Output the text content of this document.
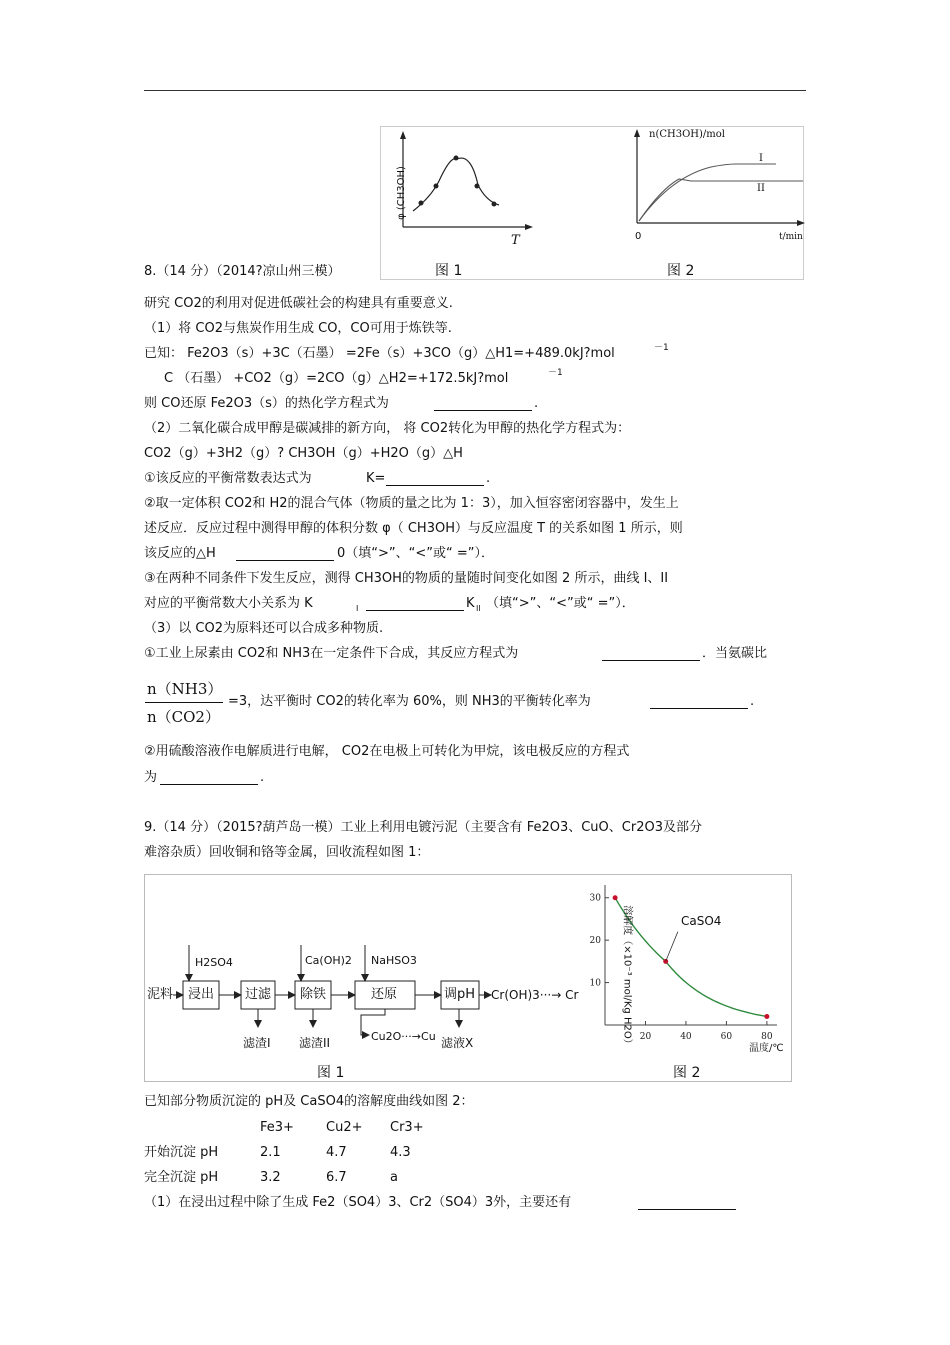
φ (CH3OH)
T
n(CH3OH)/mol
0	t/min
I
II
图 1	图 2
8.（14 分）（2014?凉山州三模）
研究 CO2的利用对促进低碳社会的构建具有重要意义.
（1）将 CO2与焦炭作用生成 CO，CO可用于炼铁等.
已知： Fe2O3（s）+3C（石墨） =2Fe（s）+3CO（g）△H1=+489.0kJ?mol	－1
C （石墨） +CO2（g）=2CO（g）△H2=+172.5kJ?mol	－1
则 CO还原 Fe2O3（s）的热化学方程式为	.
（2）二氧化碳合成甲醇是碳减排的新方向， 将 CO2转化为甲醇的热化学方程式为：
CO2（g）+3H2（g）? CH3OH（g）+H2O（g）△H
①该反应的平衡常数表达式为	K=	.
②取一定体积 CO2和 H2的混合气体（物质的量之比为 1：3），加入恒容密闭容器中，发生上
述反应．反应过程中测得甲醇的体积分数 φ（ CH3OH）与反应温度 T 的关系如图 1 所示，则
该反应的△H	0（填“>”、“<”或“ =”）．
③在两种不同条件下发生反应，测得 CH3OH的物质的量随时间变化如图 2 所示，曲线 I、II
对应的平衡常数大小关系为 K	I	K II （填“>”、“<”或“ =”）．
（3）以 CO2为原料还可以合成多种物质.
①工业上尿素由 CO2和 NH3在一定条件下合成，其反应方程式为	．当氨碳比
n（NH3）
n（CO2）
=3，达平衡时 CO2的转化率为 60%，则 NH3的平衡转化率为	.
②用硫酸溶液作电解质进行电解， CO2在电极上可转化为甲烷，该电极反应的方程式
为	.
9.（14 分）（2015?葫芦岛一模）工业上利用电镀污泥（主要含有 Fe2O3、CuO、Cr2O3及部分
难溶杂质）回收铜和铬等金属，回收流程如图 1：
泥料 浸出 过滤 除铁	还原	调pH
H2SO4	Ca(OH)2 NaHSO3
滤渣I 滤渣II	Cu2O···→Cu 滤液X
Cr(OH)3···→ Cr
图 1
10
20
30
20	40	60	80
溶解度（×10⁻³ mol/Kg H2O）	温度/℃
CaSO4
图 2
已知部分物质沉淀的 pH及 CaSO4的溶解度曲线如图 2：
Fe3+ Cu2+ Cr3+
开始沉淀 pH	2.1	4.7	4.3
完全沉淀 pH	3.2	6.7	a
（1）在浸出过程中除了生成 Fe2（SO4）3、Cr2（SO4）3外，主要还有
